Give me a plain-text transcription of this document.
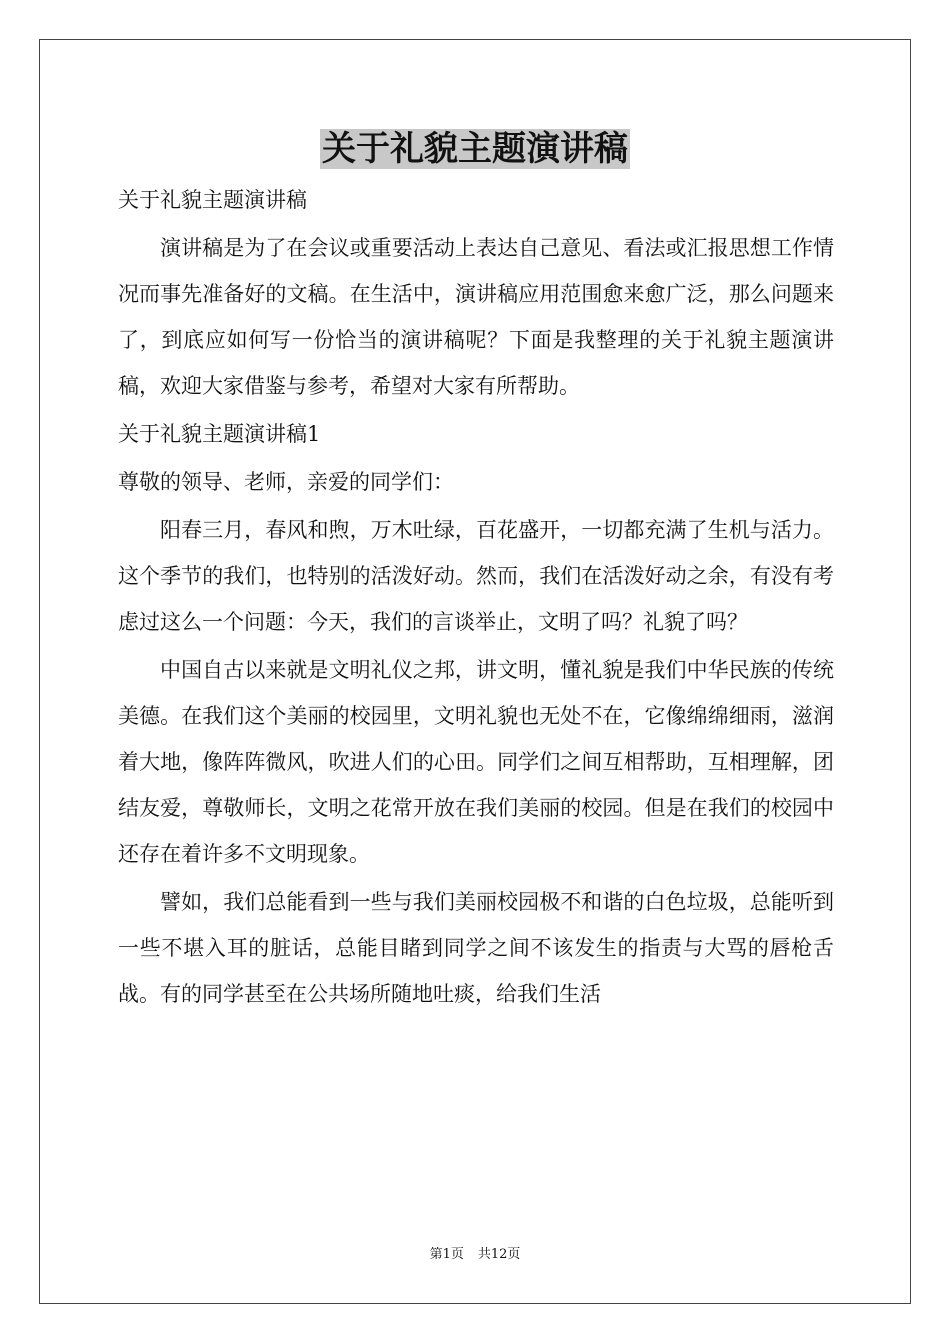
关于礼貌主题演讲稿

关于礼貌主题演讲稿

演讲稿是为了在会议或重要活动上表达自己意见、看法或汇报思想工作情况而事先准备好的文稿。在生活中，演讲稿应用范围愈来愈广泛，那么问题来了，到底应如何写一份恰当的演讲稿呢？下面是我整理的关于礼貌主题演讲稿，欢迎大家借鉴与参考，希望对大家有所帮助。

关于礼貌主题演讲稿1

尊敬的领导、老师，亲爱的同学们：

阳春三月，春风和煦，万木吐绿，百花盛开，一切都充满了生机与活力。这个季节的我们，也特别的活泼好动。然而，我们在活泼好动之余，有没有考虑过这么一个问题：今天，我们的言谈举止，文明了吗？礼貌了吗？

中国自古以来就是文明礼仪之邦，讲文明，懂礼貌是我们中华民族的传统美德。在我们这个美丽的校园里，文明礼貌也无处不在，它像绵绵细雨，滋润着大地，像阵阵微风，吹进人们的心田。同学们之间互相帮助，互相理解，团结友爱，尊敬师长，文明之花常开放在我们美丽的校园。但是在我们的校园中还存在着许多不文明现象。

譬如，我们总能看到一些与我们美丽校园极不和谐的白色垃圾，总能听到一些不堪入耳的脏话，总能目睹到同学之间不该发生的指责与大骂的唇枪舌战。有的同学甚至在公共场所随地吐痰，给我们生活

第1页 共12页
